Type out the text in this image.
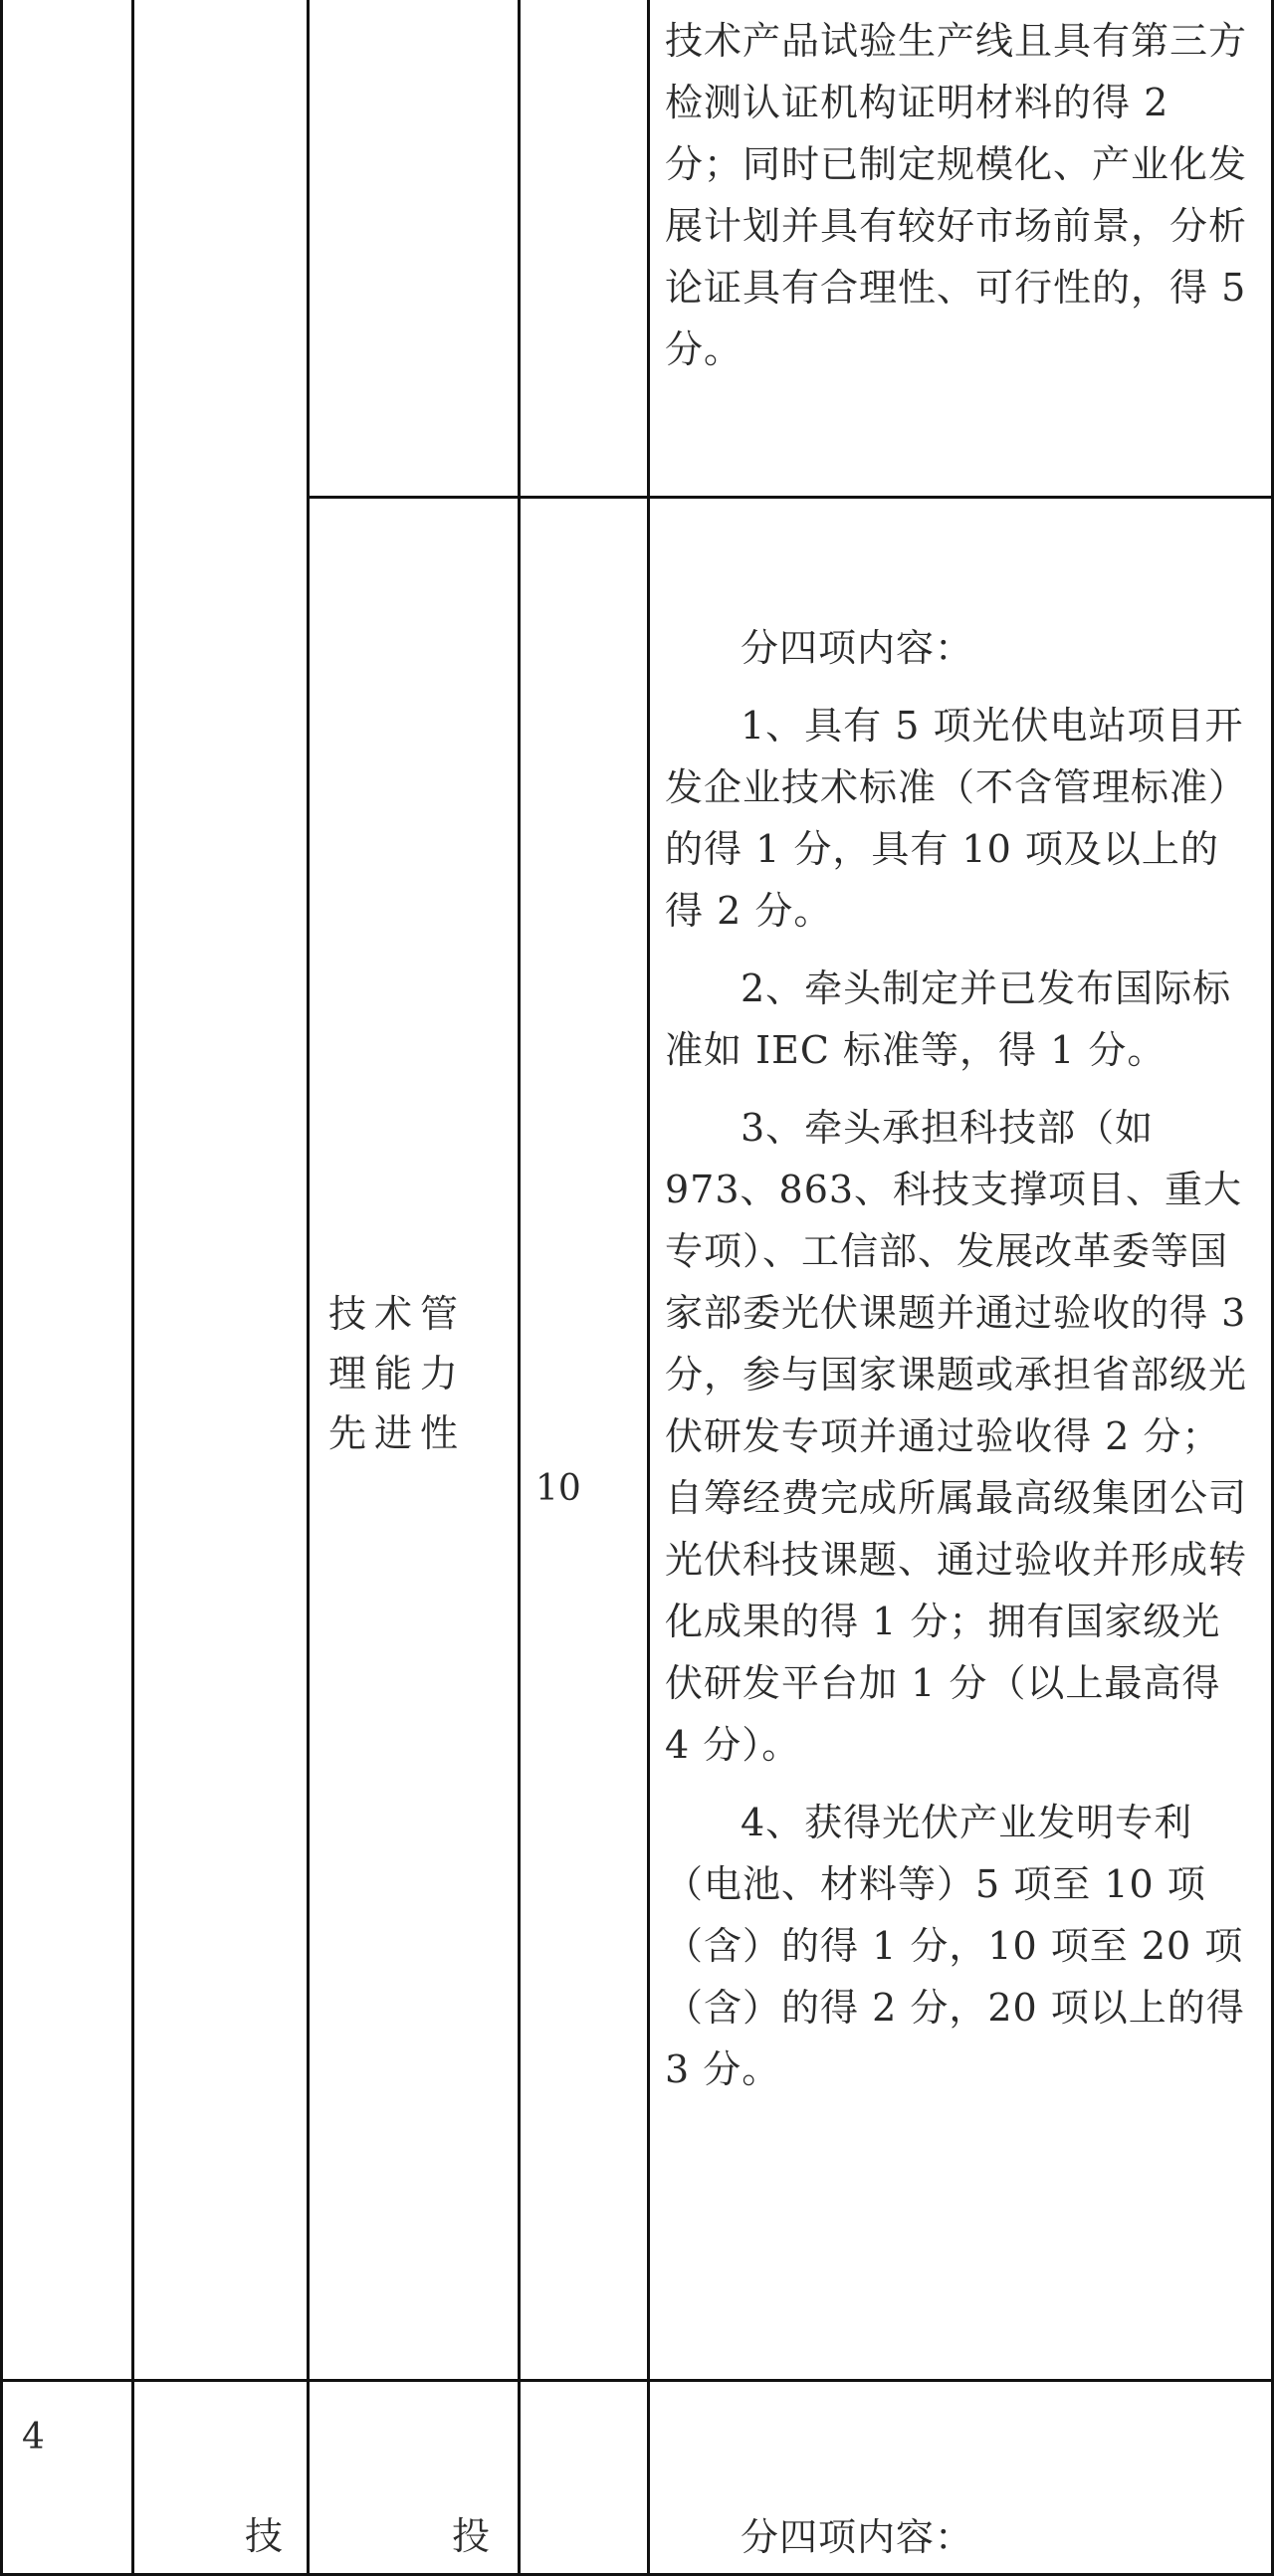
技术产品试验生产线且具有第三方检测认证机构证明材料的得 2 分；同时已制定规模化、产业化发展计划并具有较好市场前景，分析论证具有合理性、可行性的，得 5 分。

技术管理能力先进性
10

分四项内容：

1、具有 5 项光伏电站项目开发企业技术标准（不含管理标准）的得 1 分，具有 10 项及以上的得 2 分。

2、牵头制定并已发布国际标准如 IEC 标准等，得 1 分。

3、牵头承担科技部（如 973、863、科技支撑项目、重大专项）、工信部、发展改革委等国家部委光伏课题并通过验收的得 3 分，参与国家课题或承担省部级光伏研发专项并通过验收得 2 分；自筹经费完成所属最高级集团公司光伏科技课题、通过验收并形成转化成果的得 1 分；拥有国家级光伏研发平台加 1 分（以上最高得 4 分）。

4、获得光伏产业发明专利（电池、材料等）5 项至 10 项（含）的得 1 分，10 项至 20 项（含）的得 2 分，20 项以上的得 3 分。

4
技	投	分四项内容：
